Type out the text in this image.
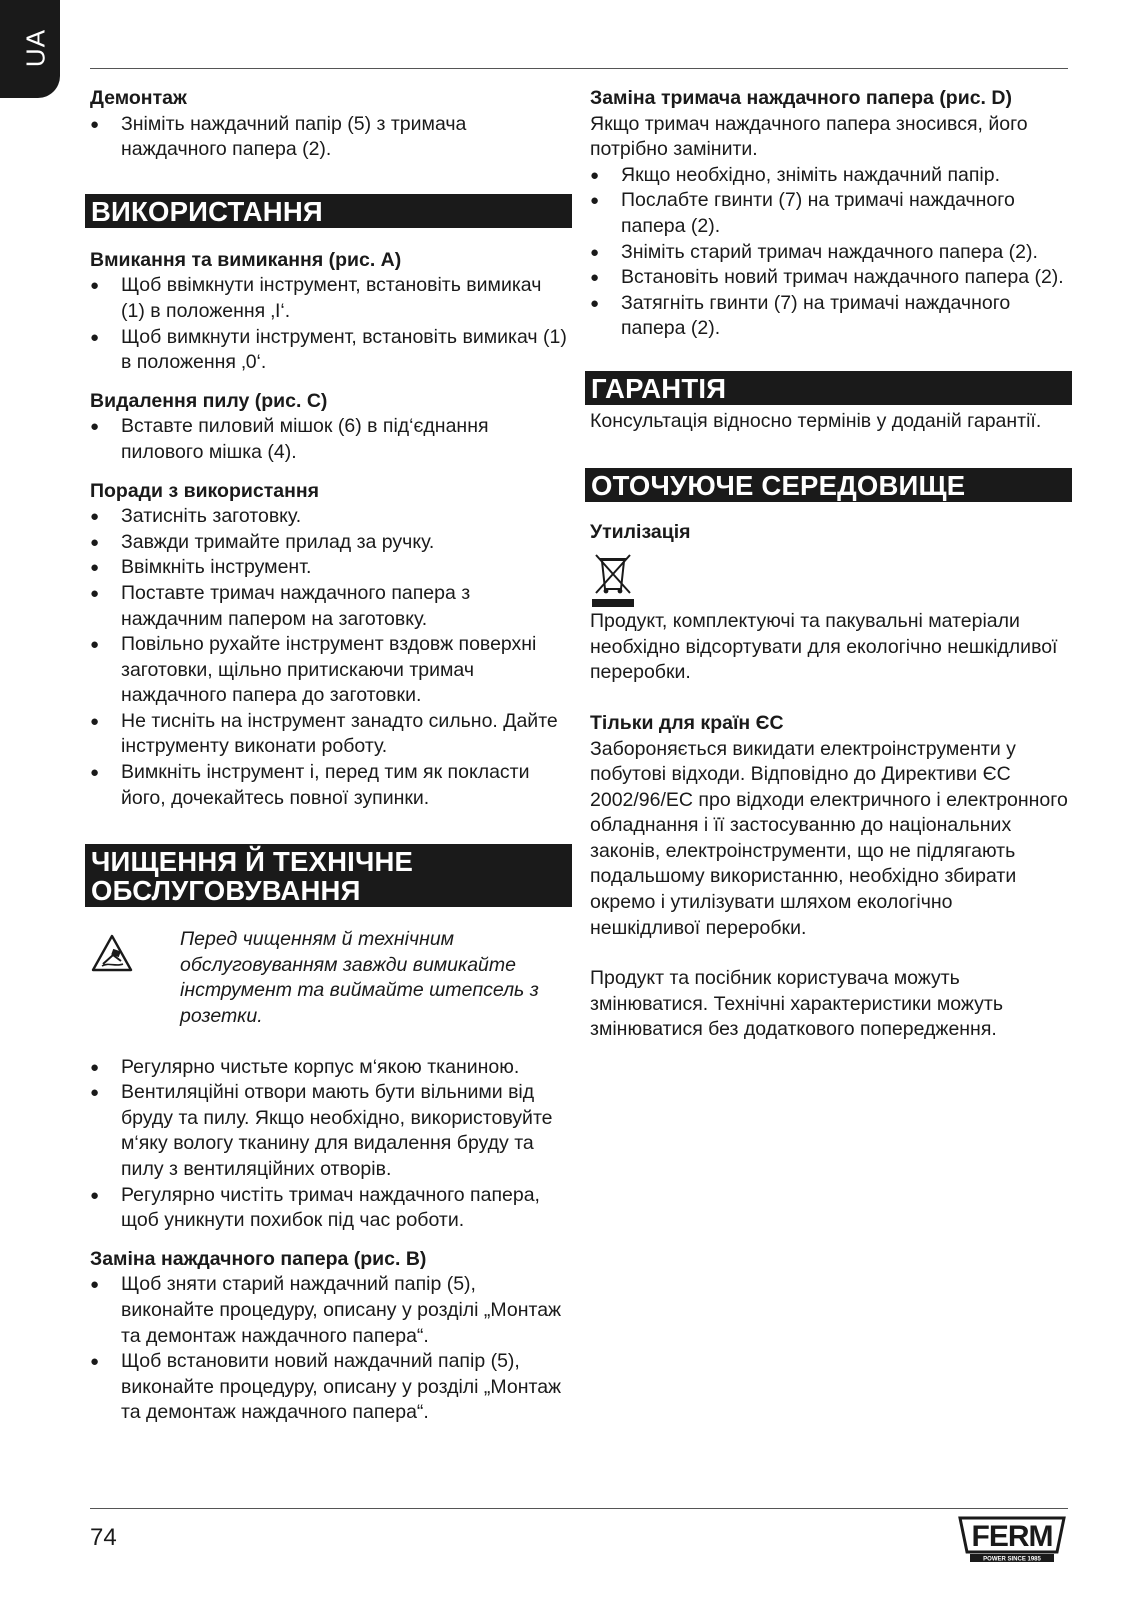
UA

Демонтаж

● Зніміть наждачний папір (5) з тримача наждачного паперa (2).
ВИКОРИСТАННЯ

Вмикання та вимикання (рис. A)

● Щоб ввімкнути інструмент, встановіть вимикач (1) в положення ‚I‘.
● Щоб вимкнути інструмент, встановіть вимикач (1) в положення ‚0‘.

Видалення пилу (рис. C)

● Вставте пиловий мішок (6) в під‘єднання пилового мішка (4).

Поради з використання

● Затисніть заготовку.
● Завжди тримайте прилад за ручку.
● Ввімкніть інструмент.
● Поставте тримач наждачного паперa з наждачним папером на заготовку.
● Повільно рухайте інструмент вздовж поверхні заготовки, щільно притискаючи тримач наждачного паперa до заготовки.
● Не тисніть на інструмент занадто сильно. Дайте інструменту виконати роботу.
● Вимкніть інструмент і, перед тим як покласти його, дочекайтесь повної зупинки.
ЧИЩЕННЯ Й ТЕХНІЧНЕ
ОБСЛУГОВУВАННЯ
Перед чищенням й технічним обслуговуванням завжди вимикайте інструмент та виймайте штепсель з розетки.
● Регулярно чистьте корпус м‘якою тканиною.
● Вентиляційні отвори мають бути вільними від бруду та пилу. Якщо необхідно, використовуйте м‘яку вологу тканину для видалення бруду та пилу з вентиляційних отворів.
● Регулярно чистіть тримач наждачного паперa, щоб уникнути похибок під час роботи.

Заміна наждачного паперa (рис. B)

● Щоб зняти старий наждачний папір (5), виконайте процедуру, описану у розділі „Монтаж та демонтаж наждачного паперa“.
● Щоб встановити новий наждачний папір (5), виконайте процедуру, описану у розділі „Монтаж та демонтаж наждачного паперa“.

Заміна тримача наждачного паперa (рис. D)

Якщо тримач наждачного паперa зносився, його потрібно замінити.

● Якщо необхідно, зніміть наждачний папір.
● Послабте гвинти (7) на тримачі наждачного паперa (2).
● Зніміть старий тримач наждачного паперa (2).
● Встановіть новий тримач наждачного паперa (2).
● Затягніть гвинти (7) на тримачі наждачного паперa (2).
ГАРАНТІЯ

Консультація відносно термінів у доданій гарантії.

ОТОЧУЮЧЕ СЕРЕДОВИЩЕ

Утилізація

Продукт, комплектуючі та пакувальні матеріали необхідно відсортувати для екологічно нешкідливої переробки.

Тільки для країн ЄС

Забороняється викидати електроінструменти у побутові відходи. Відповідно до Директиви ЄС 2002/96/ЕС про відходи електричного і електронного обладнання і її застосуванню до національних законів, електроінструменти, що не підлягають подальшому використанню, необхідно збирати окремо і утилізувати шляхом екологічно нешкідливої переробки.

Продукт та посібник користувача можуть змінюватися. Технічні характеристики можуть змінюватися без додаткового попередження.

74	FERM
POWER SINCE 1985
